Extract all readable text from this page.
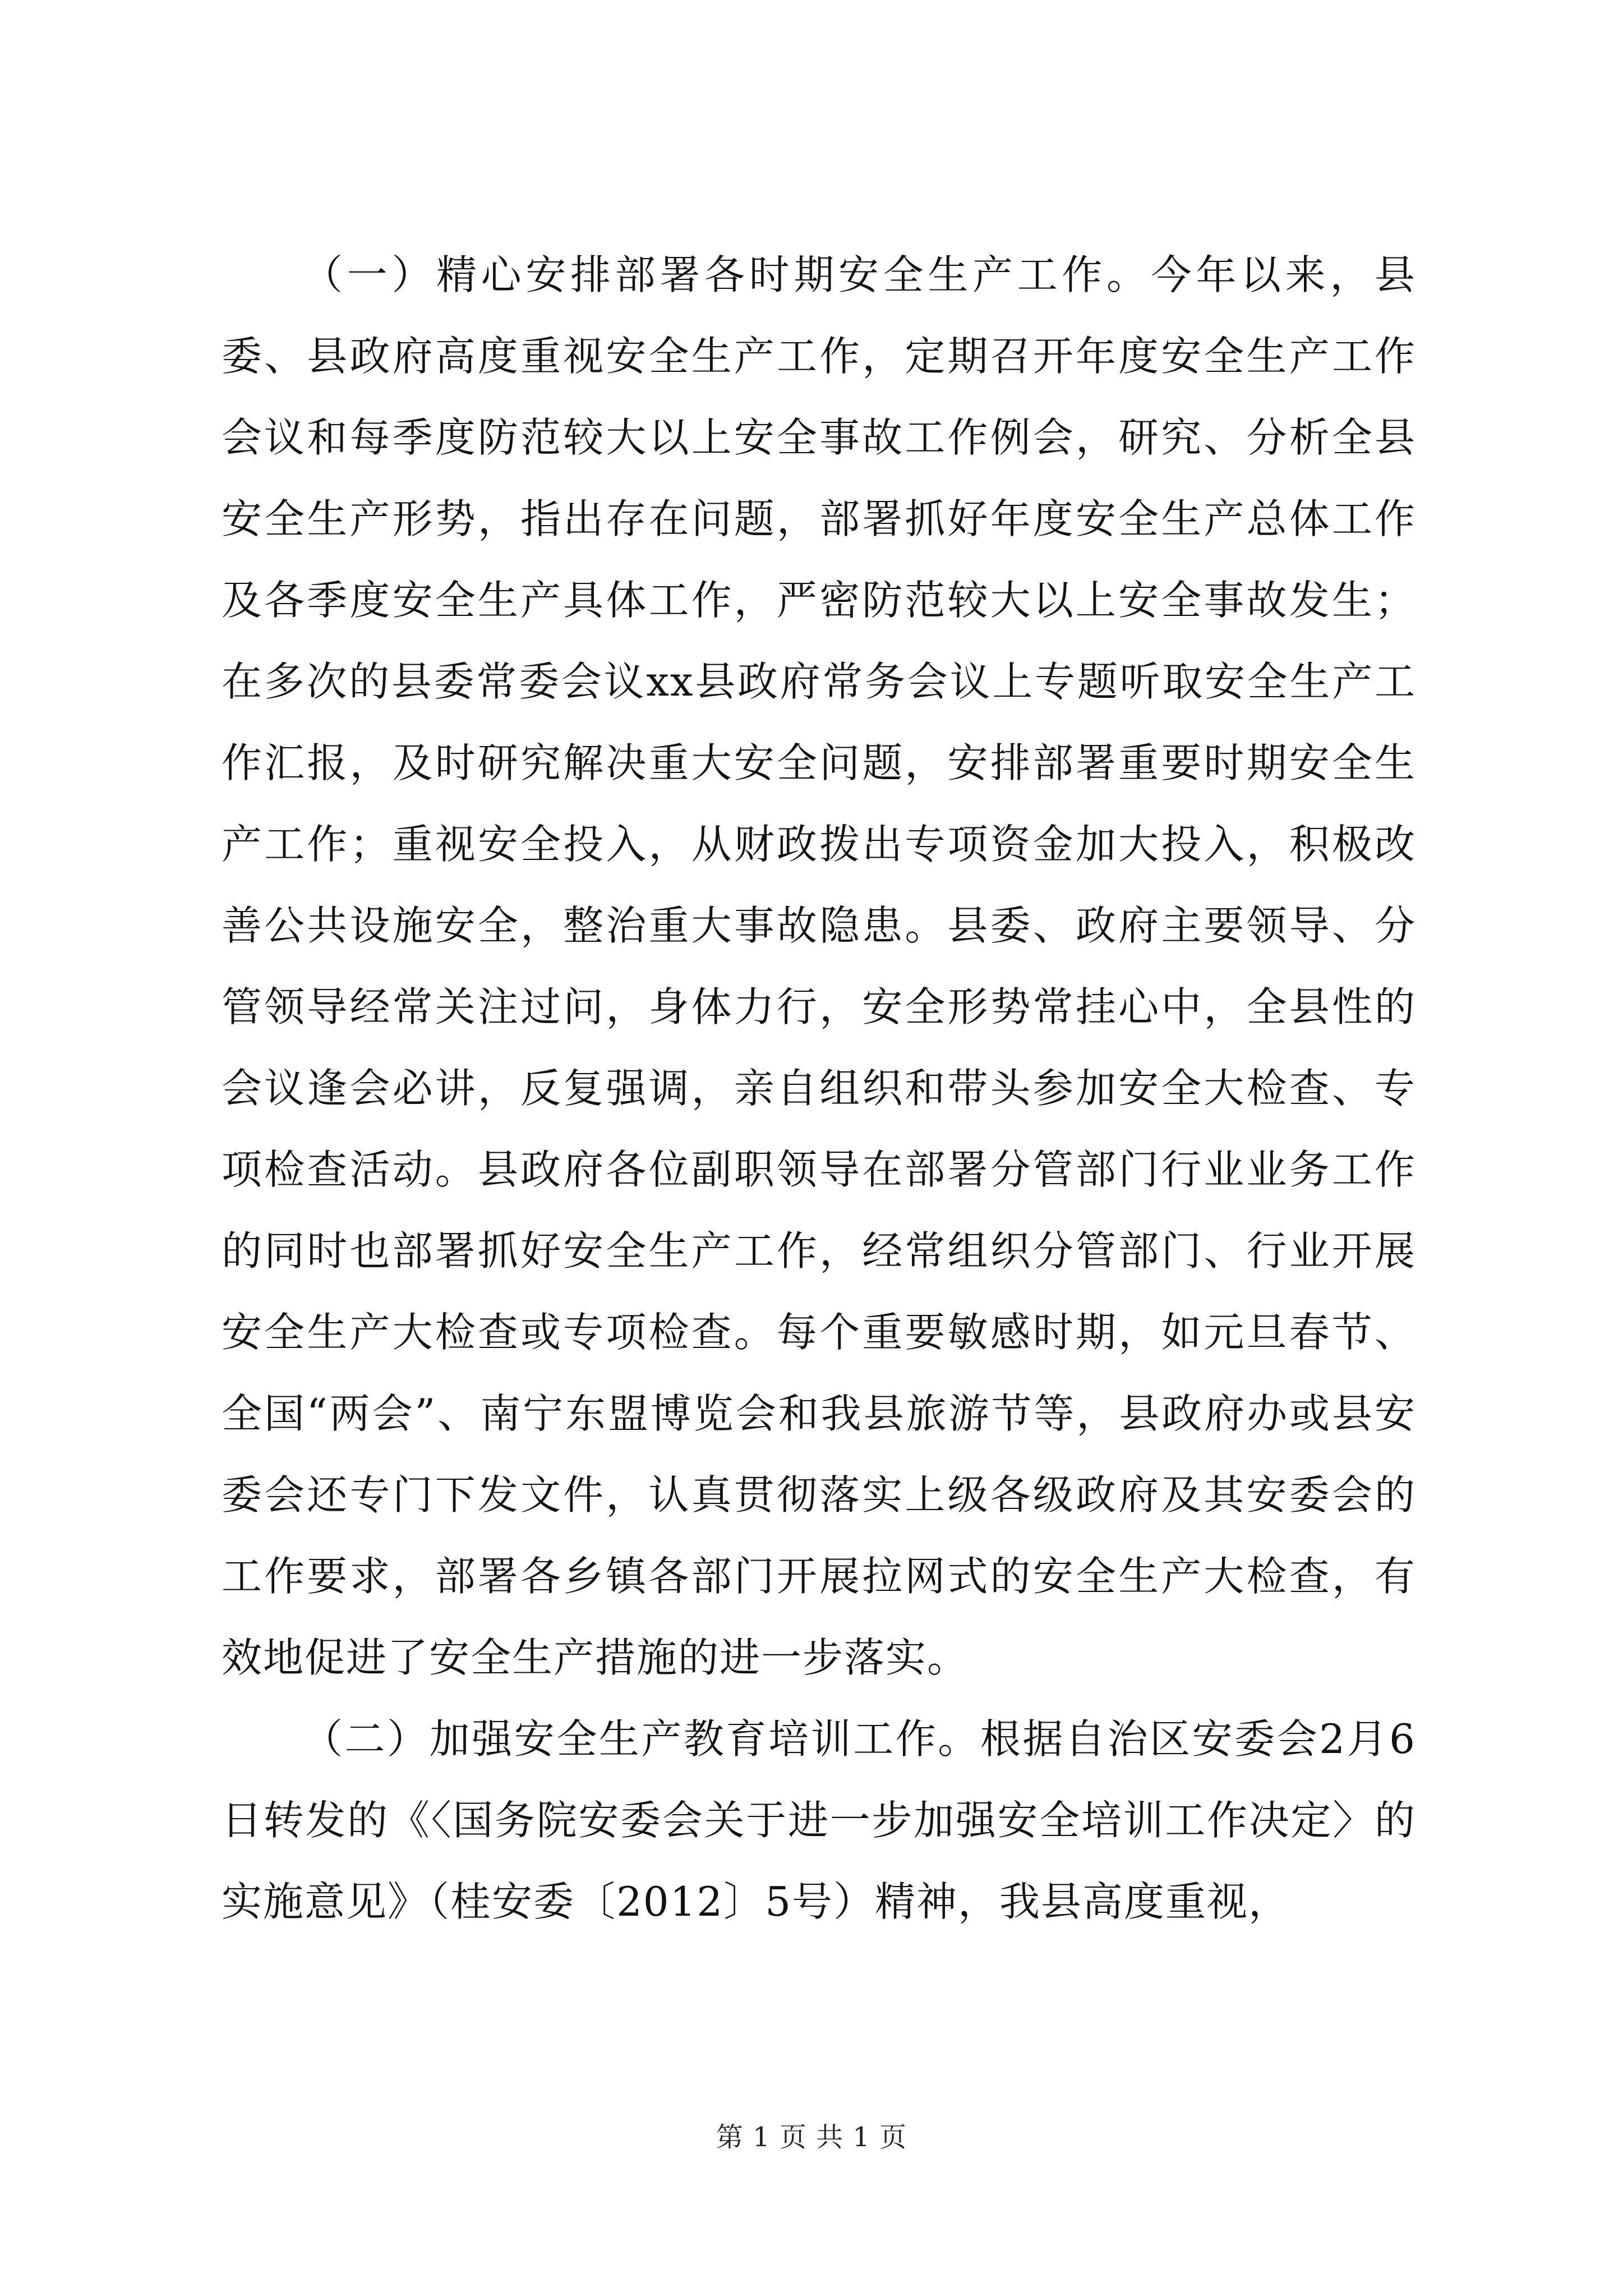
（一）精心安排部署各时期安全生产工作。今年以来，县委、县政府高度重视安全生产工作，定期召开年度安全生产工作会议和每季度防范较大以上安全事故工作例会，研究、分析全县安全生产形势，指出存在问题，部署抓好年度安全生产总体工作及各季度安全生产具体工作，严密防范较大以上安全事故发生；在多次的县委常委会议xx县政府常务会议上专题听取安全生产工作汇报，及时研究解决重大安全问题，安排部署重要时期安全生产工作；重视安全投入，从财政拨出专项资金加大投入，积极改善公共设施安全，整治重大事故隐患。县委、政府主要领导、分管领导经常关注过问，身体力行，安全形势常挂心中，全县性的会议逢会必讲，反复强调，亲自组织和带头参加安全大检查、专项检查活动。县政府各位副职领导在部署分管部门行业业务工作的同时也部署抓好安全生产工作，经常组织分管部门、行业开展安全生产大检查或专项检查。每个重要敏感时期，如元旦春节、全国“两会”、南宁东盟博览会和我县旅游节等，县政府办或县安委会还专门下发文件，认真贯彻落实上级各级政府及其安委会的工作要求，部署各乡镇各部门开展拉网式的安全生产大检查，有效地促进了安全生产措施的进一步落实。

（二）加强安全生产教育培训工作。根据自治区安委会2月6日转发的《〈国务院安委会关于进一步加强安全培训工作决定〉的实施意见》（桂安委〔2012〕5号）精神，我县高度重视，

第 1 页 共 1 页
